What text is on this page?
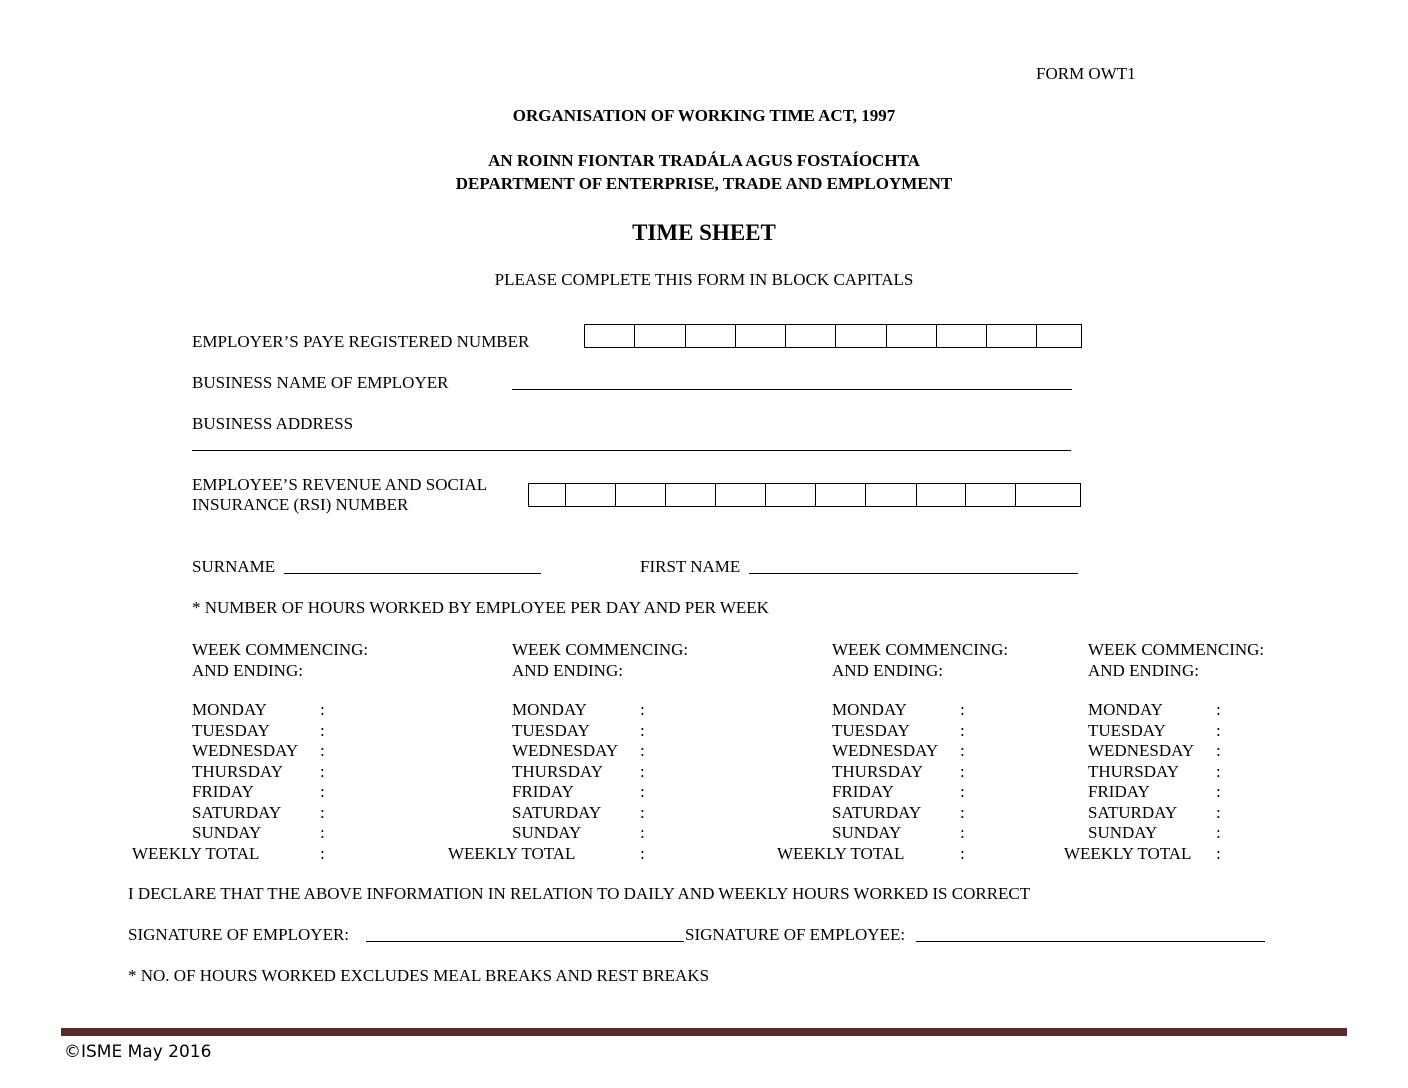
FORM OWT1
ORGANISATION OF WORKING TIME ACT, 1997
AN ROINN FIONTAR TRADÁLA AGUS FOSTAÍOCHTA
DEPARTMENT OF ENTERPRISE, TRADE AND EMPLOYMENT
TIME SHEET
PLEASE COMPLETE THIS FORM IN BLOCK CAPITALS
EMPLOYER’S PAYE REGISTERED NUMBER
BUSINESS NAME OF EMPLOYER
BUSINESS ADDRESS
EMPLOYEE’S REVENUE AND SOCIAL
INSURANCE (RSI) NUMBER
SURNAME	FIRST NAME
* NUMBER OF HOURS WORKED BY EMPLOYEE PER DAY AND PER WEEK
WEEK COMMENCING:
AND ENDING:
WEEK COMMENCING:
AND ENDING:
WEEK COMMENCING:
AND ENDING:
WEEK COMMENCING:
AND ENDING:
MONDAY	:	MONDAY	:	MONDAY	:	MONDAY	:
TUESDAY	:	TUESDAY	:	TUESDAY	:	TUESDAY	:
WEDNESDAY :	WEDNESDAY :	WEDNESDAY :	WEDNESDAY :
THURSDAY :	THURSDAY :	THURSDAY :	THURSDAY :
FRIDAY	:	FRIDAY	:	FRIDAY	:	FRIDAY	:
SATURDAY :	SATURDAY :	SATURDAY :	SATURDAY :
SUNDAY	:	SUNDAY	:	SUNDAY	:	SUNDAY	:
WEEKLY TOTAL	:	WEEKLY TOTAL	:	WEEKLY TOTAL	:	WEEKLY TOTAL :
I DECLARE THAT THE ABOVE INFORMATION IN RELATION TO DAILY AND WEEKLY HOURS WORKED IS CORRECT
SIGNATURE OF EMPLOYER:	SIGNATURE OF EMPLOYEE:
* NO. OF HOURS WORKED EXCLUDES MEAL BREAKS AND REST BREAKS
©ISME May 2016
